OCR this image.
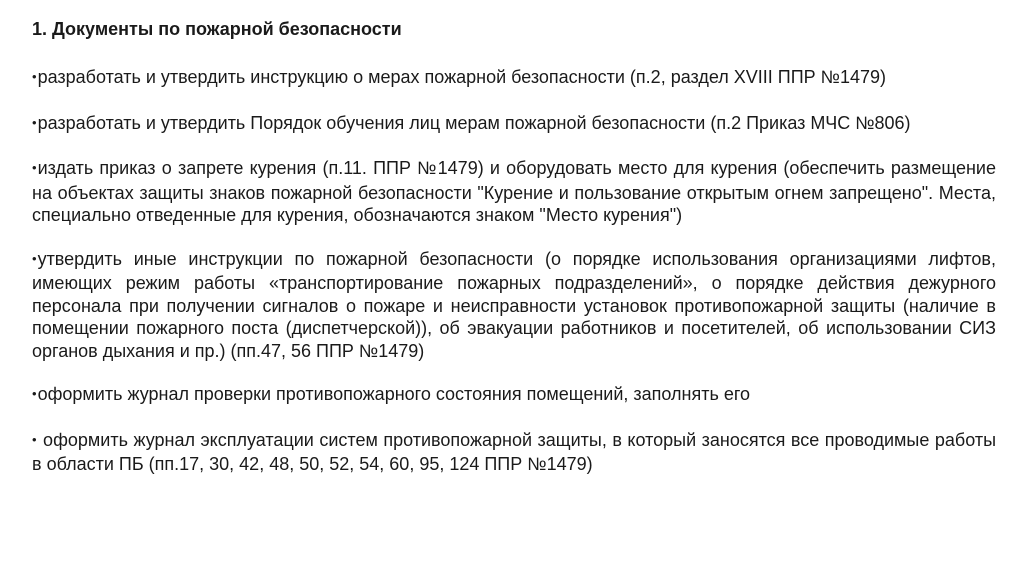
1. Документы по пожарной безопасности
•разработать и утвердить инструкцию о мерах пожарной безопасности (п.2, раздел XVIII ППР №1479)
•разработать и утвердить Порядок обучения лиц мерам пожарной безопасности (п.2 Приказ МЧС №806)
•издать приказ о запрете курения (п.11. ППР №1479) и оборудовать место для курения (обеспечить размещение на объектах защиты знаков пожарной безопасности "Курение и пользование открытым огнем запрещено". Места, специально отведенные для курения, обозначаются знаком "Место курения")
•утвердить иные инструкции по пожарной безопасности (о порядке использования организациями лифтов, имеющих режим работы «транспортирование пожарных подразделений», о порядке действия дежурного персонала при получении сигналов о пожаре и неисправности установок противопожарной защиты (наличие в помещении пожарного поста (диспетчерской)), об эвакуации работников и посетителей, об использовании СИЗ органов дыхания и пр.) (пп.47, 56 ППР №1479)
•оформить журнал проверки противопожарного состояния помещений, заполнять его
• оформить журнал эксплуатации систем противопожарной защиты, в который заносятся все проводимые работы в области ПБ (пп.17, 30, 42, 48, 50, 52, 54, 60, 95, 124 ППР №1479)
